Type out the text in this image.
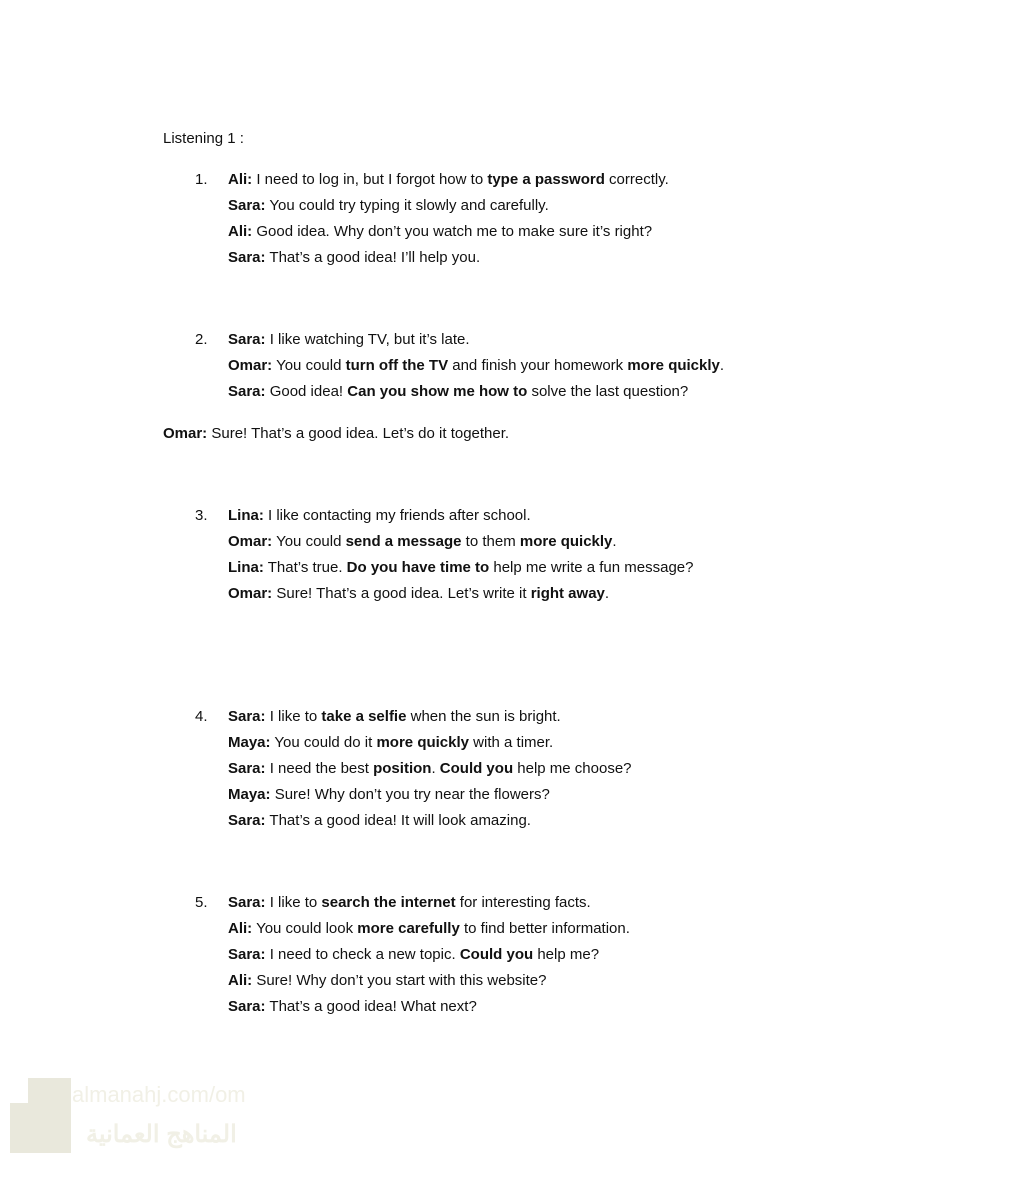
Listening 1 :
1. Ali: I need to log in, but I forgot how to type a password correctly.
Sara: You could try typing it slowly and carefully.
Ali: Good idea. Why don’t you watch me to make sure it’s right?
Sara: That’s a good idea! I’ll help you.
2. Sara: I like watching TV, but it’s late.
Omar: You could turn off the TV and finish your homework more quickly.
Sara: Good idea! Can you show me how to solve the last question?
3. Lina: I like contacting my friends after school.
Omar: You could send a message to them more quickly.
Lina: That’s true. Do you have time to help me write a fun message?
Omar: Sure! That’s a good idea. Let’s write it right away.
4. Sara: I like to take a selfie when the sun is bright.
Maya: You could do it more quickly with a timer.
Sara: I need the best position. Could you help me choose?
Maya: Sure! Why don’t you try near the flowers?
Sara: That’s a good idea! It will look amazing.
5. Sara: I like to search the internet for interesting facts.
Ali: You could look more carefully to find better information.
Sara: I need to check a new topic. Could you help me?
Ali: Sure! Why don’t you start with this website?
Sara: That’s a good idea! What next?
Omar: Sure! That’s a good idea. Let’s do it together.
almanahj.com/om
المناهج العمانية
